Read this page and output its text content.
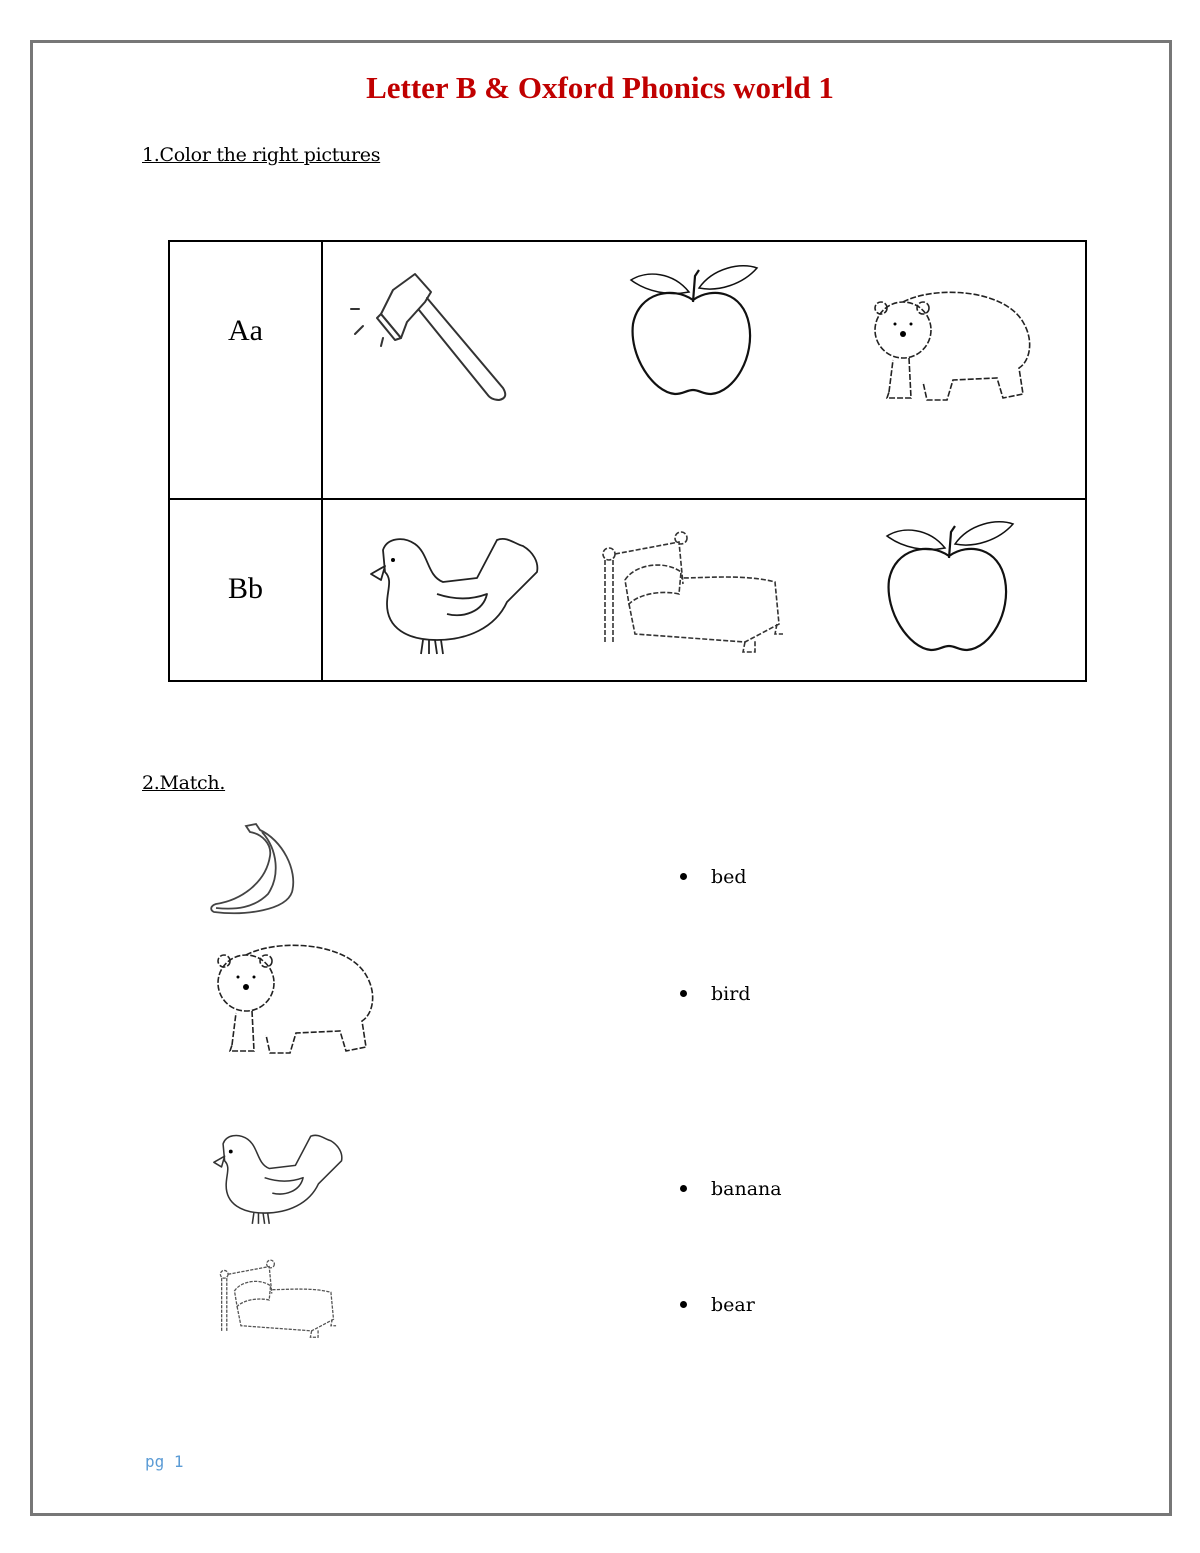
Letter B & Oxford Phonics world 1
1.Color the right pictures
Aa

Bb

2.Match.
bed
bird
banana
bear
pg 1
